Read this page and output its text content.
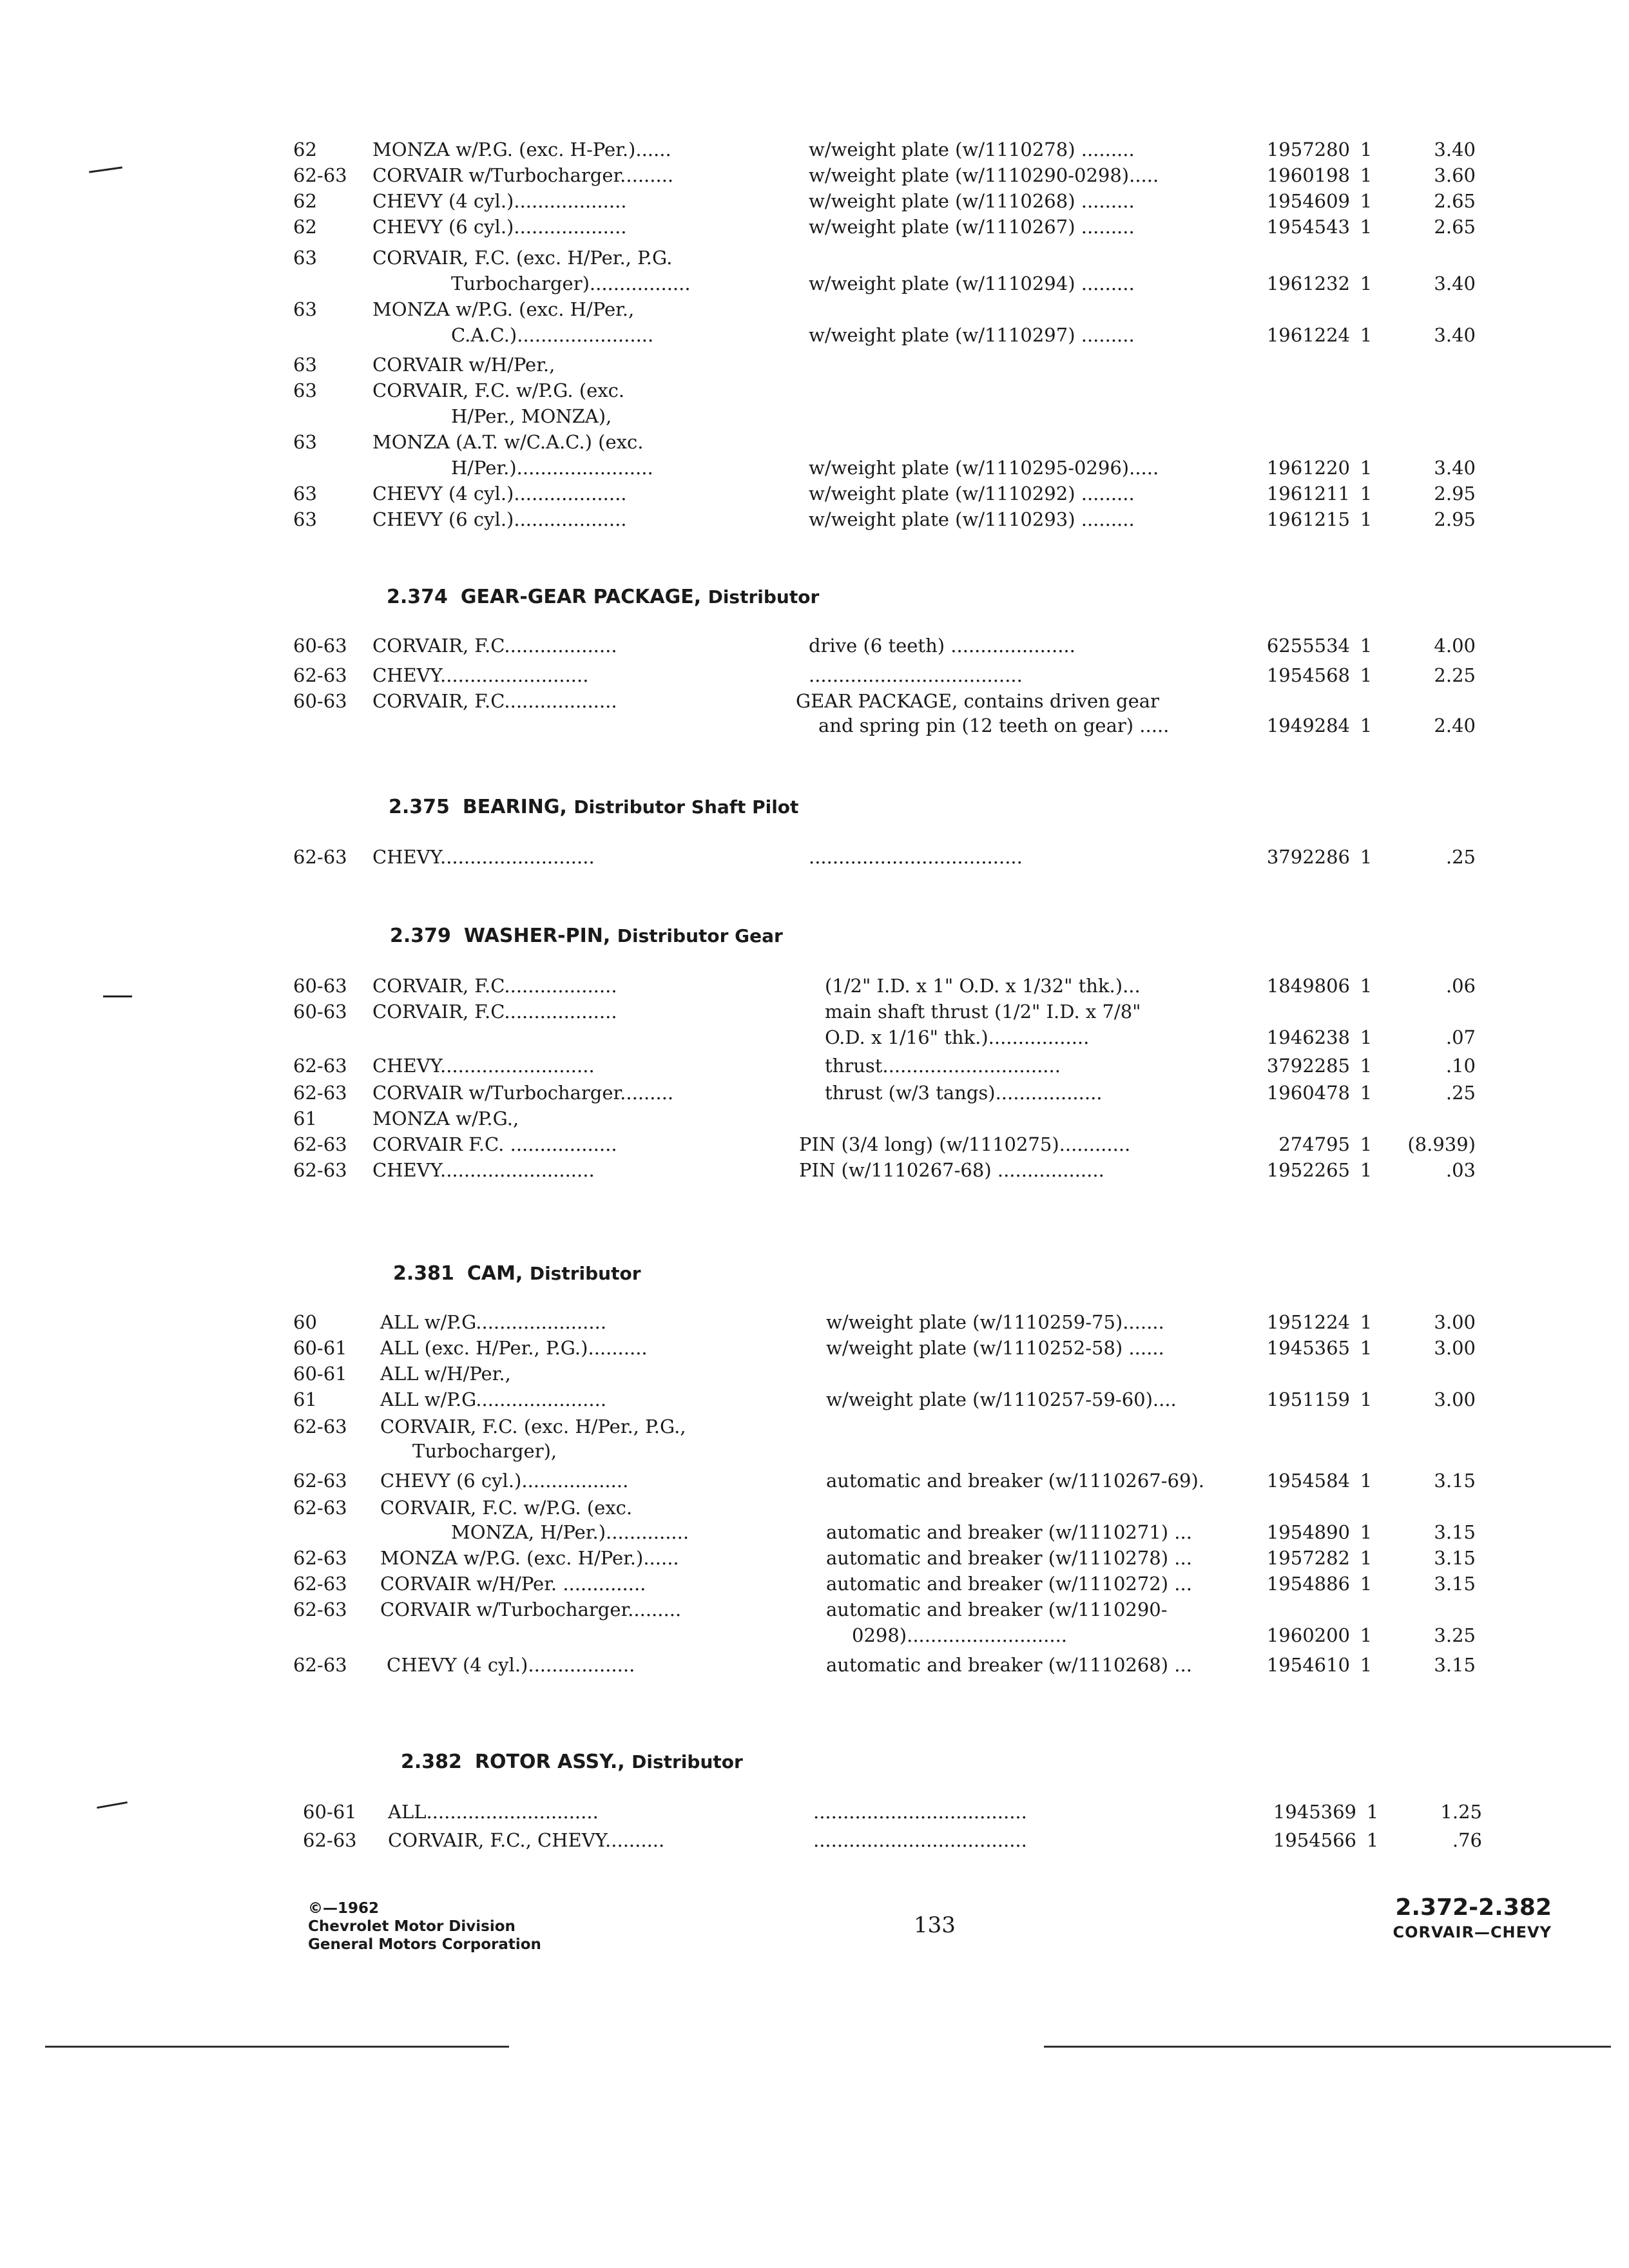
62	MONZA w/P.G. (exc. H-Per.)......	w/weight plate (w/1110278) .........	1957280 1	3.40
62-63 CORVAIR w/Turbocharger.........	w/weight plate (w/1110290-0298).....	1960198 1	3.60
62	CHEVY (4 cyl.)...................	w/weight plate (w/1110268) .........	1954609 1	2.65
62	CHEVY (6 cyl.)...................	w/weight plate (w/1110267) .........	1954543 1	2.65
63	CORVAIR, F.C. (exc. H/Per., P.G.
Turbocharger).................	w/weight plate (w/1110294) .........	1961232 1	3.40
63	MONZA w/P.G. (exc. H/Per.,
C.A.C.).......................	w/weight plate (w/1110297) .........	1961224 1	3.40
63	CORVAIR w/H/Per.,
63	CORVAIR, F.C. w/P.G. (exc.
H/Per., MONZA),
63	MONZA (A.T. w/C.A.C.) (exc.
H/Per.).......................	w/weight plate (w/1110295-0296).....	1961220 1	3.40
63	CHEVY (4 cyl.)...................	w/weight plate (w/1110292) .........	1961211 1	2.95
63	CHEVY (6 cyl.)...................	w/weight plate (w/1110293) .........	1961215 1	2.95
2.374 GEAR-GEAR PACKAGE, Distributor
60-63 CORVAIR, F.C...................	drive (6 teeth) .....................	6255534 1	4.00
62-63 CHEVY.........................	....................................	1954568 1	2.25
60-63 CORVAIR, F.C...................	GEAR PACKAGE, contains driven gear
and spring pin (12 teeth on gear) .....	1949284 1	2.40
2.375 BEARING, Distributor Shaft Pilot
62-63 CHEVY..........................	....................................	3792286 1	.25
2.379 WASHER-PIN, Distributor Gear
60-63 CORVAIR, F.C...................	(1/2" I.D. x 1" O.D. x 1/32" thk.)...	1849806 1	.06
60-63 CORVAIR, F.C...................	main shaft thrust (1/2" I.D. x 7/8"
O.D. x 1/16" thk.).................	1946238 1	.07
62-63 CHEVY..........................	thrust..............................	3792285 1	.10
62-63 CORVAIR w/Turbocharger.........	thrust (w/3 tangs)..................	1960478 1	.25
61	MONZA w/P.G.,
62-63 CORVAIR F.C. ..................	PIN (3/4 long) (w/1110275)............	274795 1	(8.939)
62-63 CHEVY..........................	PIN (w/1110267-68) ..................	1952265 1	.03
2.381 CAM, Distributor
60	ALL w/P.G......................	w/weight plate (w/1110259-75).......	1951224 1	3.00
60-61 ALL (exc. H/Per., P.G.)..........	w/weight plate (w/1110252-58) ......	1945365 1	3.00
60-61 ALL w/H/Per.,
61	ALL w/P.G......................	w/weight plate (w/1110257-59-60)....	1951159 1	3.00
62-63 CORVAIR, F.C. (exc. H/Per., P.G.,
Turbocharger),
62-63 CHEVY (6 cyl.)..................	automatic and breaker (w/1110267-69).	1954584 1	3.15
62-63 CORVAIR, F.C. w/P.G. (exc.
MONZA, H/Per.)..............	automatic and breaker (w/1110271) ...	1954890 1	3.15
62-63 MONZA w/P.G. (exc. H/Per.)......	automatic and breaker (w/1110278) ...	1957282 1	3.15
62-63 CORVAIR w/H/Per. ..............	automatic and breaker (w/1110272) ...	1954886 1	3.15
62-63 CORVAIR w/Turbocharger.........	automatic and breaker (w/1110290-
0298)...........................	1960200 1	3.25
62-63 CHEVY (4 cyl.)..................	automatic and breaker (w/1110268) ...	1954610 1	3.15
2.382 ROTOR ASSY., Distributor
60-61 ALL.............................	....................................	1945369 1	1.25
62-63 CORVAIR, F.C., CHEVY..........	....................................	1954566 1	.76
©—1962
Chevrolet Motor Division
General Motors Corporation
133
2.372-2.382
CORVAIR—CHEVY
